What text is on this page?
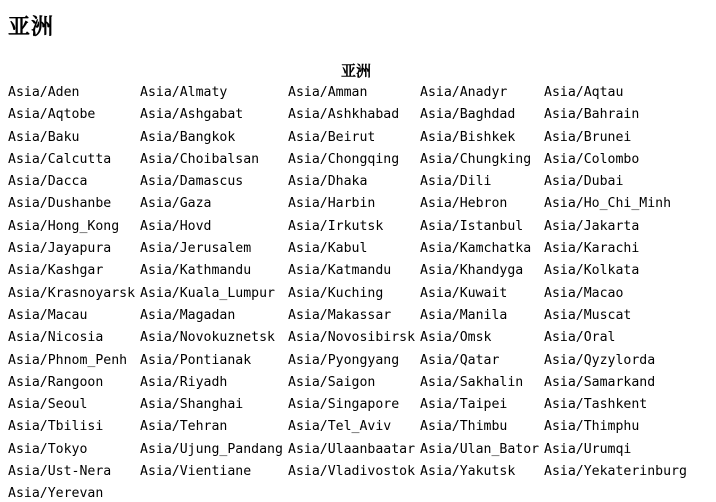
亚洲
亚洲
Asia/Aden	Asia/Almaty	Asia/Amman	Asia/Anadyr	Asia/Aqtau
Asia/Aqtobe	Asia/Ashgabat	Asia/Ashkhabad	Asia/Baghdad	Asia/Bahrain
Asia/Baku	Asia/Bangkok	Asia/Beirut	Asia/Bishkek	Asia/Brunei
Asia/Calcutta	Asia/Choibalsan	Asia/Chongqing	Asia/Chungking	Asia/Colombo
Asia/Dacca	Asia/Damascus	Asia/Dhaka	Asia/Dili	Asia/Dubai
Asia/Dushanbe	Asia/Gaza	Asia/Harbin	Asia/Hebron	Asia/Ho_Chi_Minh
Asia/Hong_Kong	Asia/Hovd	Asia/Irkutsk	Asia/Istanbul	Asia/Jakarta
Asia/Jayapura	Asia/Jerusalem	Asia/Kabul	Asia/Kamchatka	Asia/Karachi
Asia/Kashgar	Asia/Kathmandu	Asia/Katmandu	Asia/Khandyga	Asia/Kolkata
Asia/Krasnoyarsk	Asia/Kuala_Lumpur	Asia/Kuching	Asia/Kuwait	Asia/Macao
Asia/Macau	Asia/Magadan	Asia/Makassar	Asia/Manila	Asia/Muscat
Asia/Nicosia	Asia/Novokuznetsk	Asia/Novosibirsk	Asia/Omsk	Asia/Oral
Asia/Phnom_Penh	Asia/Pontianak	Asia/Pyongyang	Asia/Qatar	Asia/Qyzylorda
Asia/Rangoon	Asia/Riyadh	Asia/Saigon	Asia/Sakhalin	Asia/Samarkand
Asia/Seoul	Asia/Shanghai	Asia/Singapore	Asia/Taipei	Asia/Tashkent
Asia/Tbilisi	Asia/Tehran	Asia/Tel_Aviv	Asia/Thimbu	Asia/Thimphu
Asia/Tokyo	Asia/Ujung_Pandang	Asia/Ulaanbaatar	Asia/Ulan_Bator	Asia/Urumqi
Asia/Ust-Nera	Asia/Vientiane	Asia/Vladivostok	Asia/Yakutsk	Asia/Yekaterinburg
Asia/Yerevan				
